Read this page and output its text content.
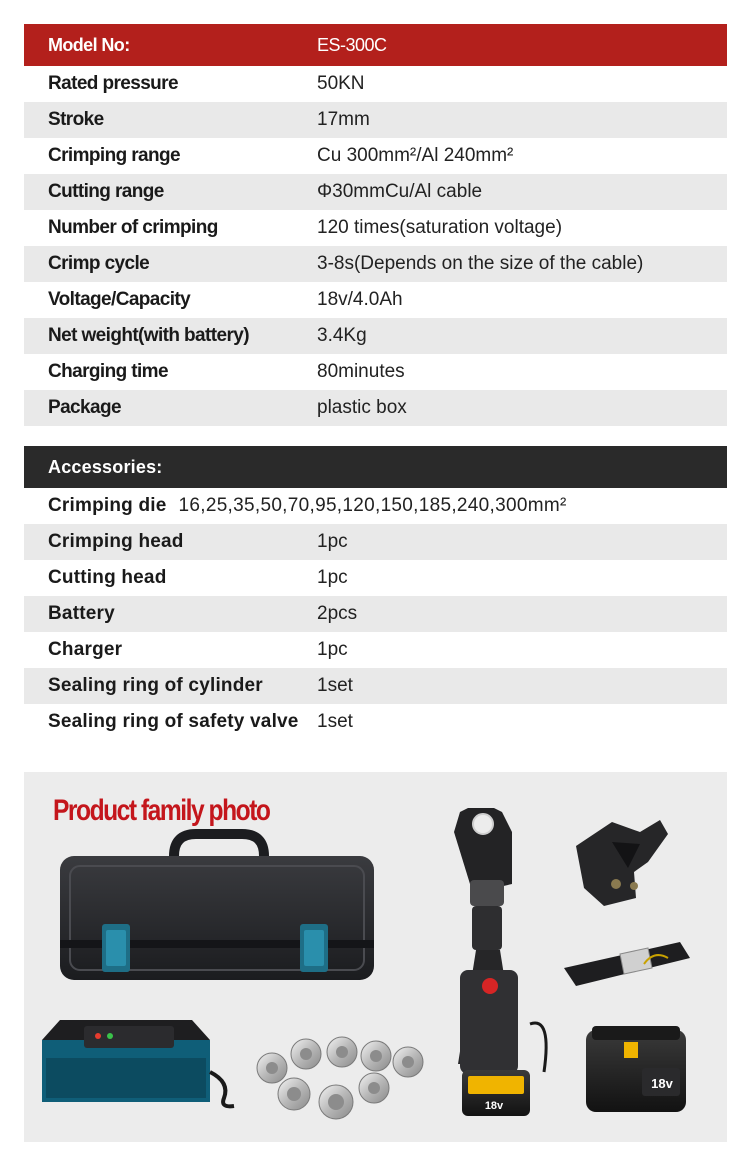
Model No:	ES-300C
Rated pressure	50KN
Stroke	17mm
Crimping range	Cu 300mm²/Al 240mm²
Cutting range	Φ30mmCu/Al cable
Number of crimping	120 times(saturation voltage)
Crimp cycle	3-8s(Depends on the size of the cable)
Voltage/Capacity	18v/4.0Ah
Net weight(with battery)	3.4Kg
Charging time	80minutes
Package	plastic box
Accessories:
Crimping die 16,25,35,50,70,95,120,150,185,240,300mm²
Crimping head	1pc
Cutting head	1pc
Battery	2pcs
Charger	1pc
Sealing ring of cylinder	1set
Sealing ring of safety valve 1set
18v
18v
Product family photo
